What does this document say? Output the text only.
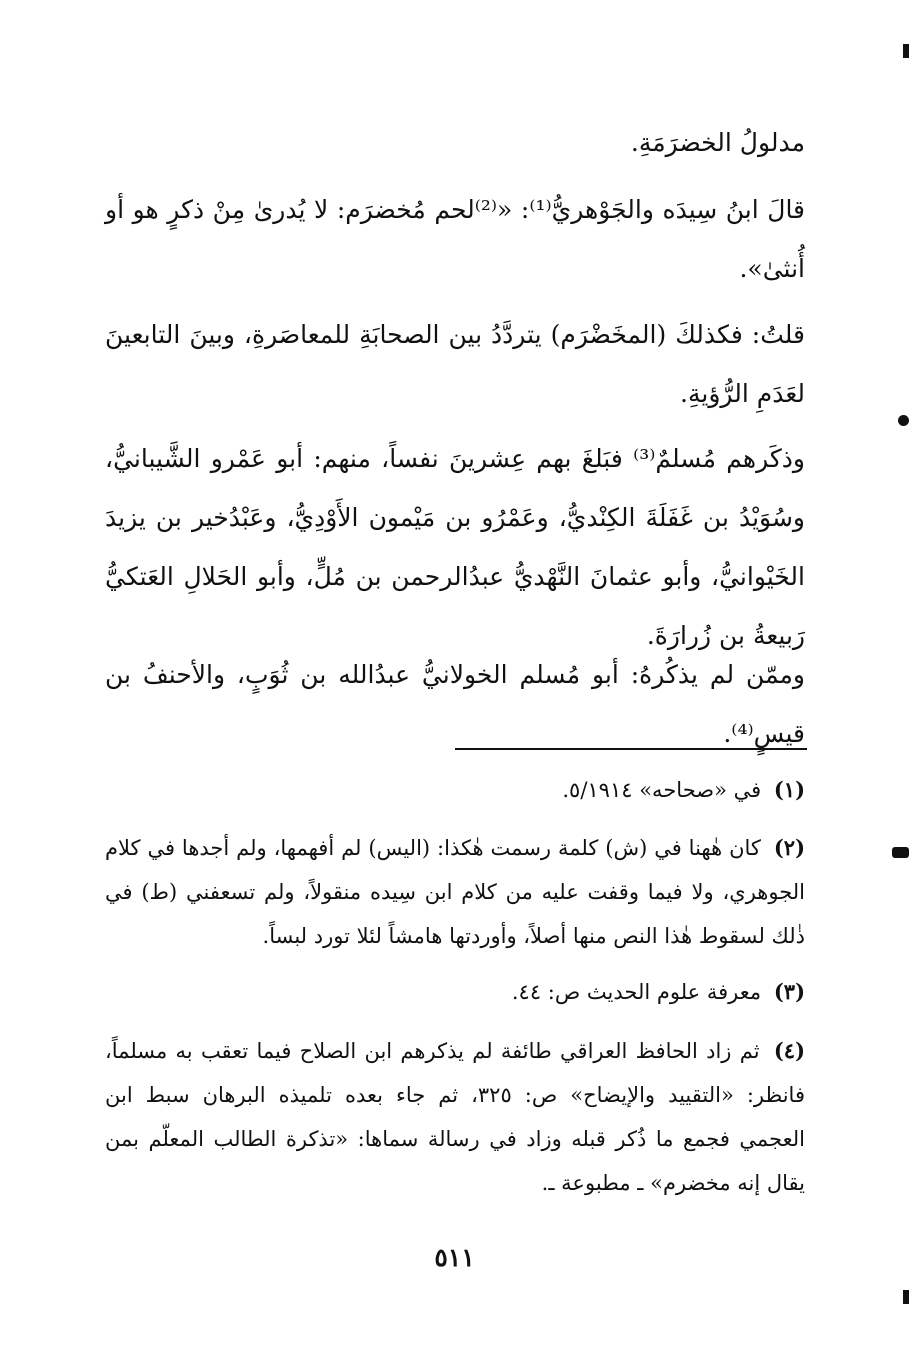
مدلولُ الخضرَمَةِ.

قالَ ابنُ سِيدَه والجَوْهريُّ⁽¹⁾: «⁽²⁾لحم مُخضرَم: لا يُدرىٰ مِنْ ذكرٍ هو أو أُنثىٰ».

قلتُ: فكذلكَ (المخَضْرَم) يتردَّدُ بين الصحابَةِ للمعاصَرةِ، وبينَ التابعينَ لعَدَمِ الرُّؤيةِ.

وذكَرهم مُسلمٌ⁽³⁾ فبَلغَ بهم عِشرينَ نفساً، منهم: أبو عَمْرو الشَّيبانيُّ، وسُوَيْدُ بن غَفَلَةَ الكِنْديُّ، وعَمْرُو بن مَيْمون الأَوْدِيُّ، وعَبْدُخير بن يزيدَ الخَيْوانيُّ، وأبو عثمانَ النَّهْديُّ عبدُالرحمن بن مُلٍّ، وأبو الحَلالِ العَتكيُّ رَبيعةُ بن زُرارَةَ.

وممّن لم يذكُرهُ: أبو مُسلم الخولانيُّ عبدُالله بن ثُوَبٍ، والأحنفُ بن قيسٍ⁽⁴⁾.

(١) في «صحاحه» ٥/١٩١٤.
(٢) كان هٰهنا في (ش) كلمة رسمت هٰكذا: (اليس) لم أفهمها، ولم أجدها في كلام الجوهري، ولا فيما وقفت عليه من كلام ابن سِيده منقولاً، ولم تسعفني (ط) في ذٰلك لسقوط هٰذا النص منها أصلاً، وأوردتها هامشاً لئلا تورد لبساً.
(٣) معرفة علوم الحديث ص: ٤٤.
(٤) ثم زاد الحافظ العراقي طائفة لم يذكرهم ابن الصلاح فيما تعقب به مسلماً، فانظر: «التقييد والإيضاح» ص: ٣٢٥، ثم جاء بعده تلميذه البرهان سبط ابن العجمي فجمع ما ذُكر قبله وزاد في رسالة سماها: «تذكرة الطالب المعلّم بمن يقال إنه مخضرم» ـ مطبوعة ـ.
٥١١
